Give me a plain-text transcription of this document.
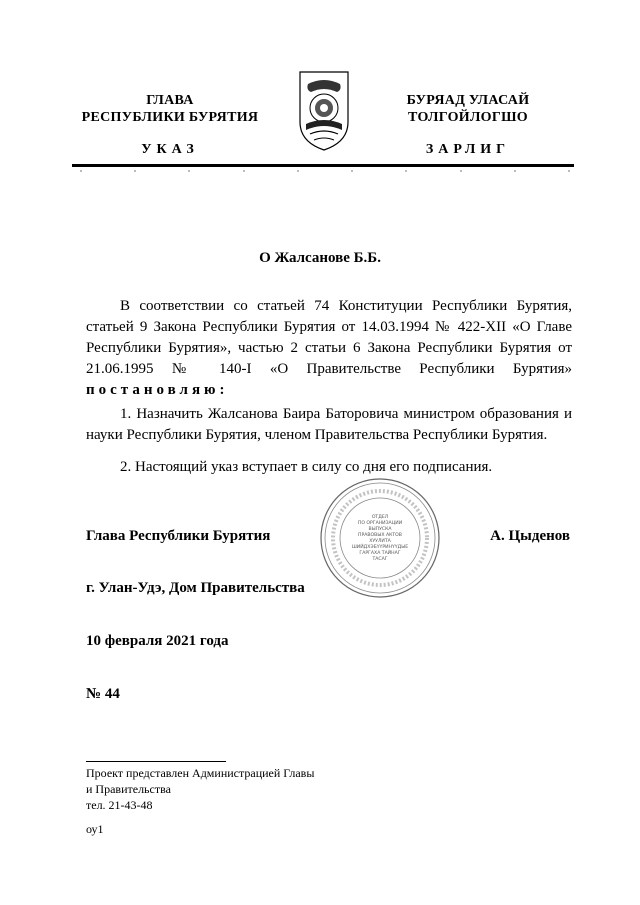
ГЛАВА
РЕСПУБЛИКИ БУРЯТИЯ
БУРЯАД УЛАСАЙ
ТОЛГОЙЛОГШО
УКАЗ	ЗАРЛИГ
О Жалсанове Б.Б.
В соответствии со статьей 74 Конституции Республики Бурятия, статьей 9 Закона Республики Бурятия от 14.03.1994 № 422-XII «О Главе Республики Бурятия», частью 2 статьи 6 Закона Республики Бурятия от 21.06.1995 № 140-I «О Правительстве Республики Бурятия» постановляю:
1. Назначить Жалсанова Баира Баторовича министром образования и науки Республики Бурятия, членом Правительства Республики Бурятия.
2. Настоящий указ вступает в силу со дня его подписания.
ОТДЕЛ
ПО ОРГАНИЗАЦИИ
ВЫПУСКА
ПРАВОВЫХ АКТОВ
ХУУЛИТА
ШИЙДХЭБҮҮРИНҮҮДЫЕ
ГАРГАХА ТАЙНАГ
ТАСАГ
Глава Республики Бурятия	А. Цыденов
г. Улан-Удэ, Дом Правительства
10 февраля 2021 года
№ 44
Проект представлен Администрацией Главы
и Правительства
тел. 21-43-48
оу1
